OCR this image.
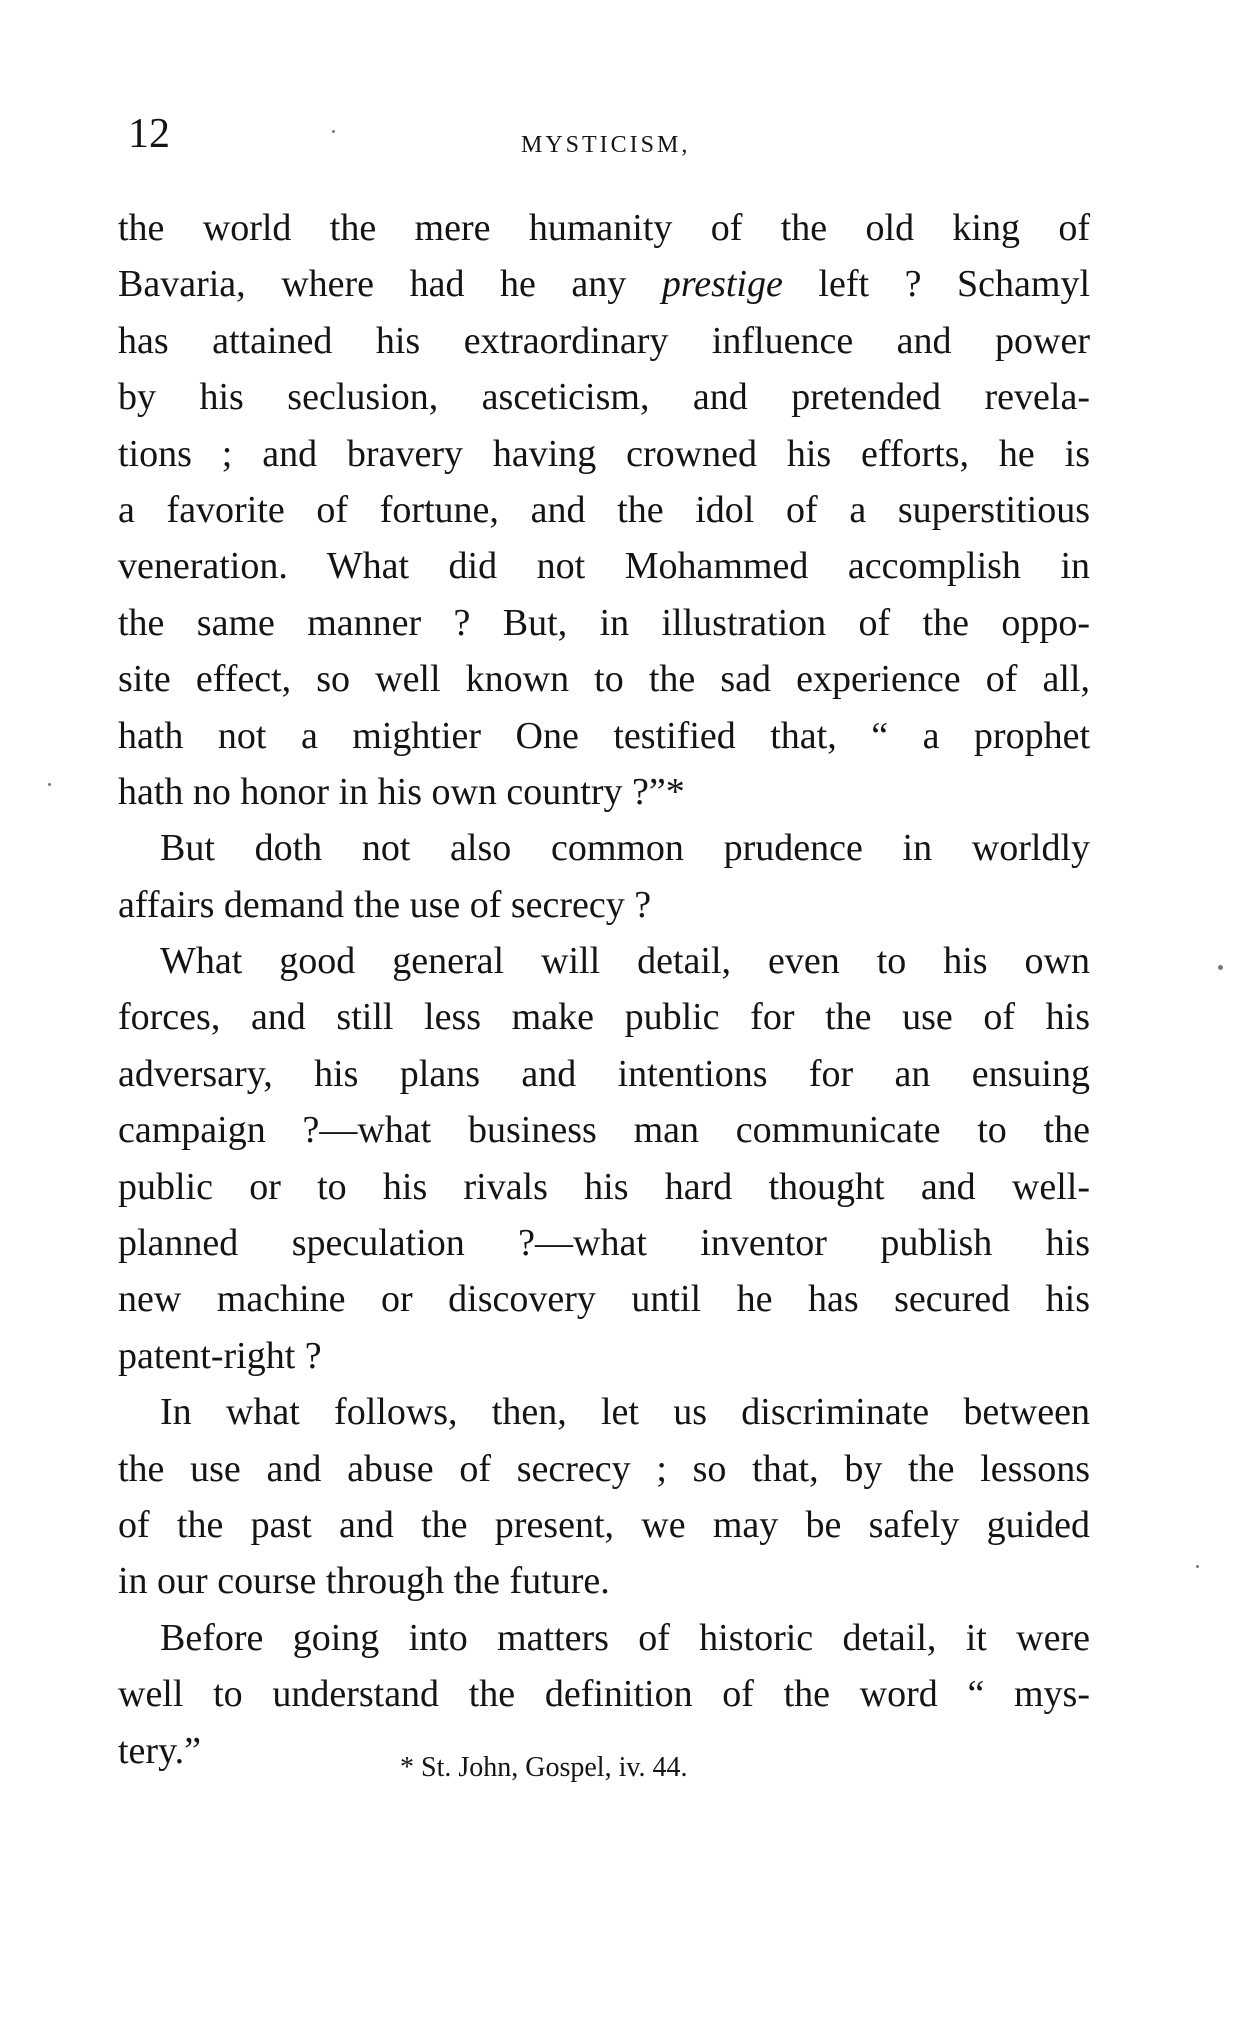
12	MYSTICISM,
the world the mere humanity of the old king of
Bavaria, where had he any prestige left ? Schamyl
has attained his extraordinary influence and power
by his seclusion, asceticism, and pretended revela-
tions ; and bravery having crowned his efforts, he is
a favorite of fortune, and the idol of a superstitious
veneration. What did not Mohammed accomplish in
the same manner ? But, in illustration of the oppo-
site effect, so well known to the sad experience of all,
hath not a mightier One testified that, “ a prophet
hath no honor in his own country ?”*
But doth not also common prudence in worldly
affairs demand the use of secrecy ?
What good general will detail, even to his own
forces, and still less make public for the use of his
adversary, his plans and intentions for an ensuing
campaign ?—what business man communicate to the
public or to his rivals his hard thought and well-
planned speculation ?—what inventor publish his
new machine or discovery until he has secured his
patent-right ?
In what follows, then, let us discriminate between
the use and abuse of secrecy ; so that, by the lessons
of the past and the present, we may be safely guided
in our course through the future.
Before going into matters of historic detail, it were
well to understand the definition of the word “ mys-
tery.”	* St. John, Gospel, iv. 44.
